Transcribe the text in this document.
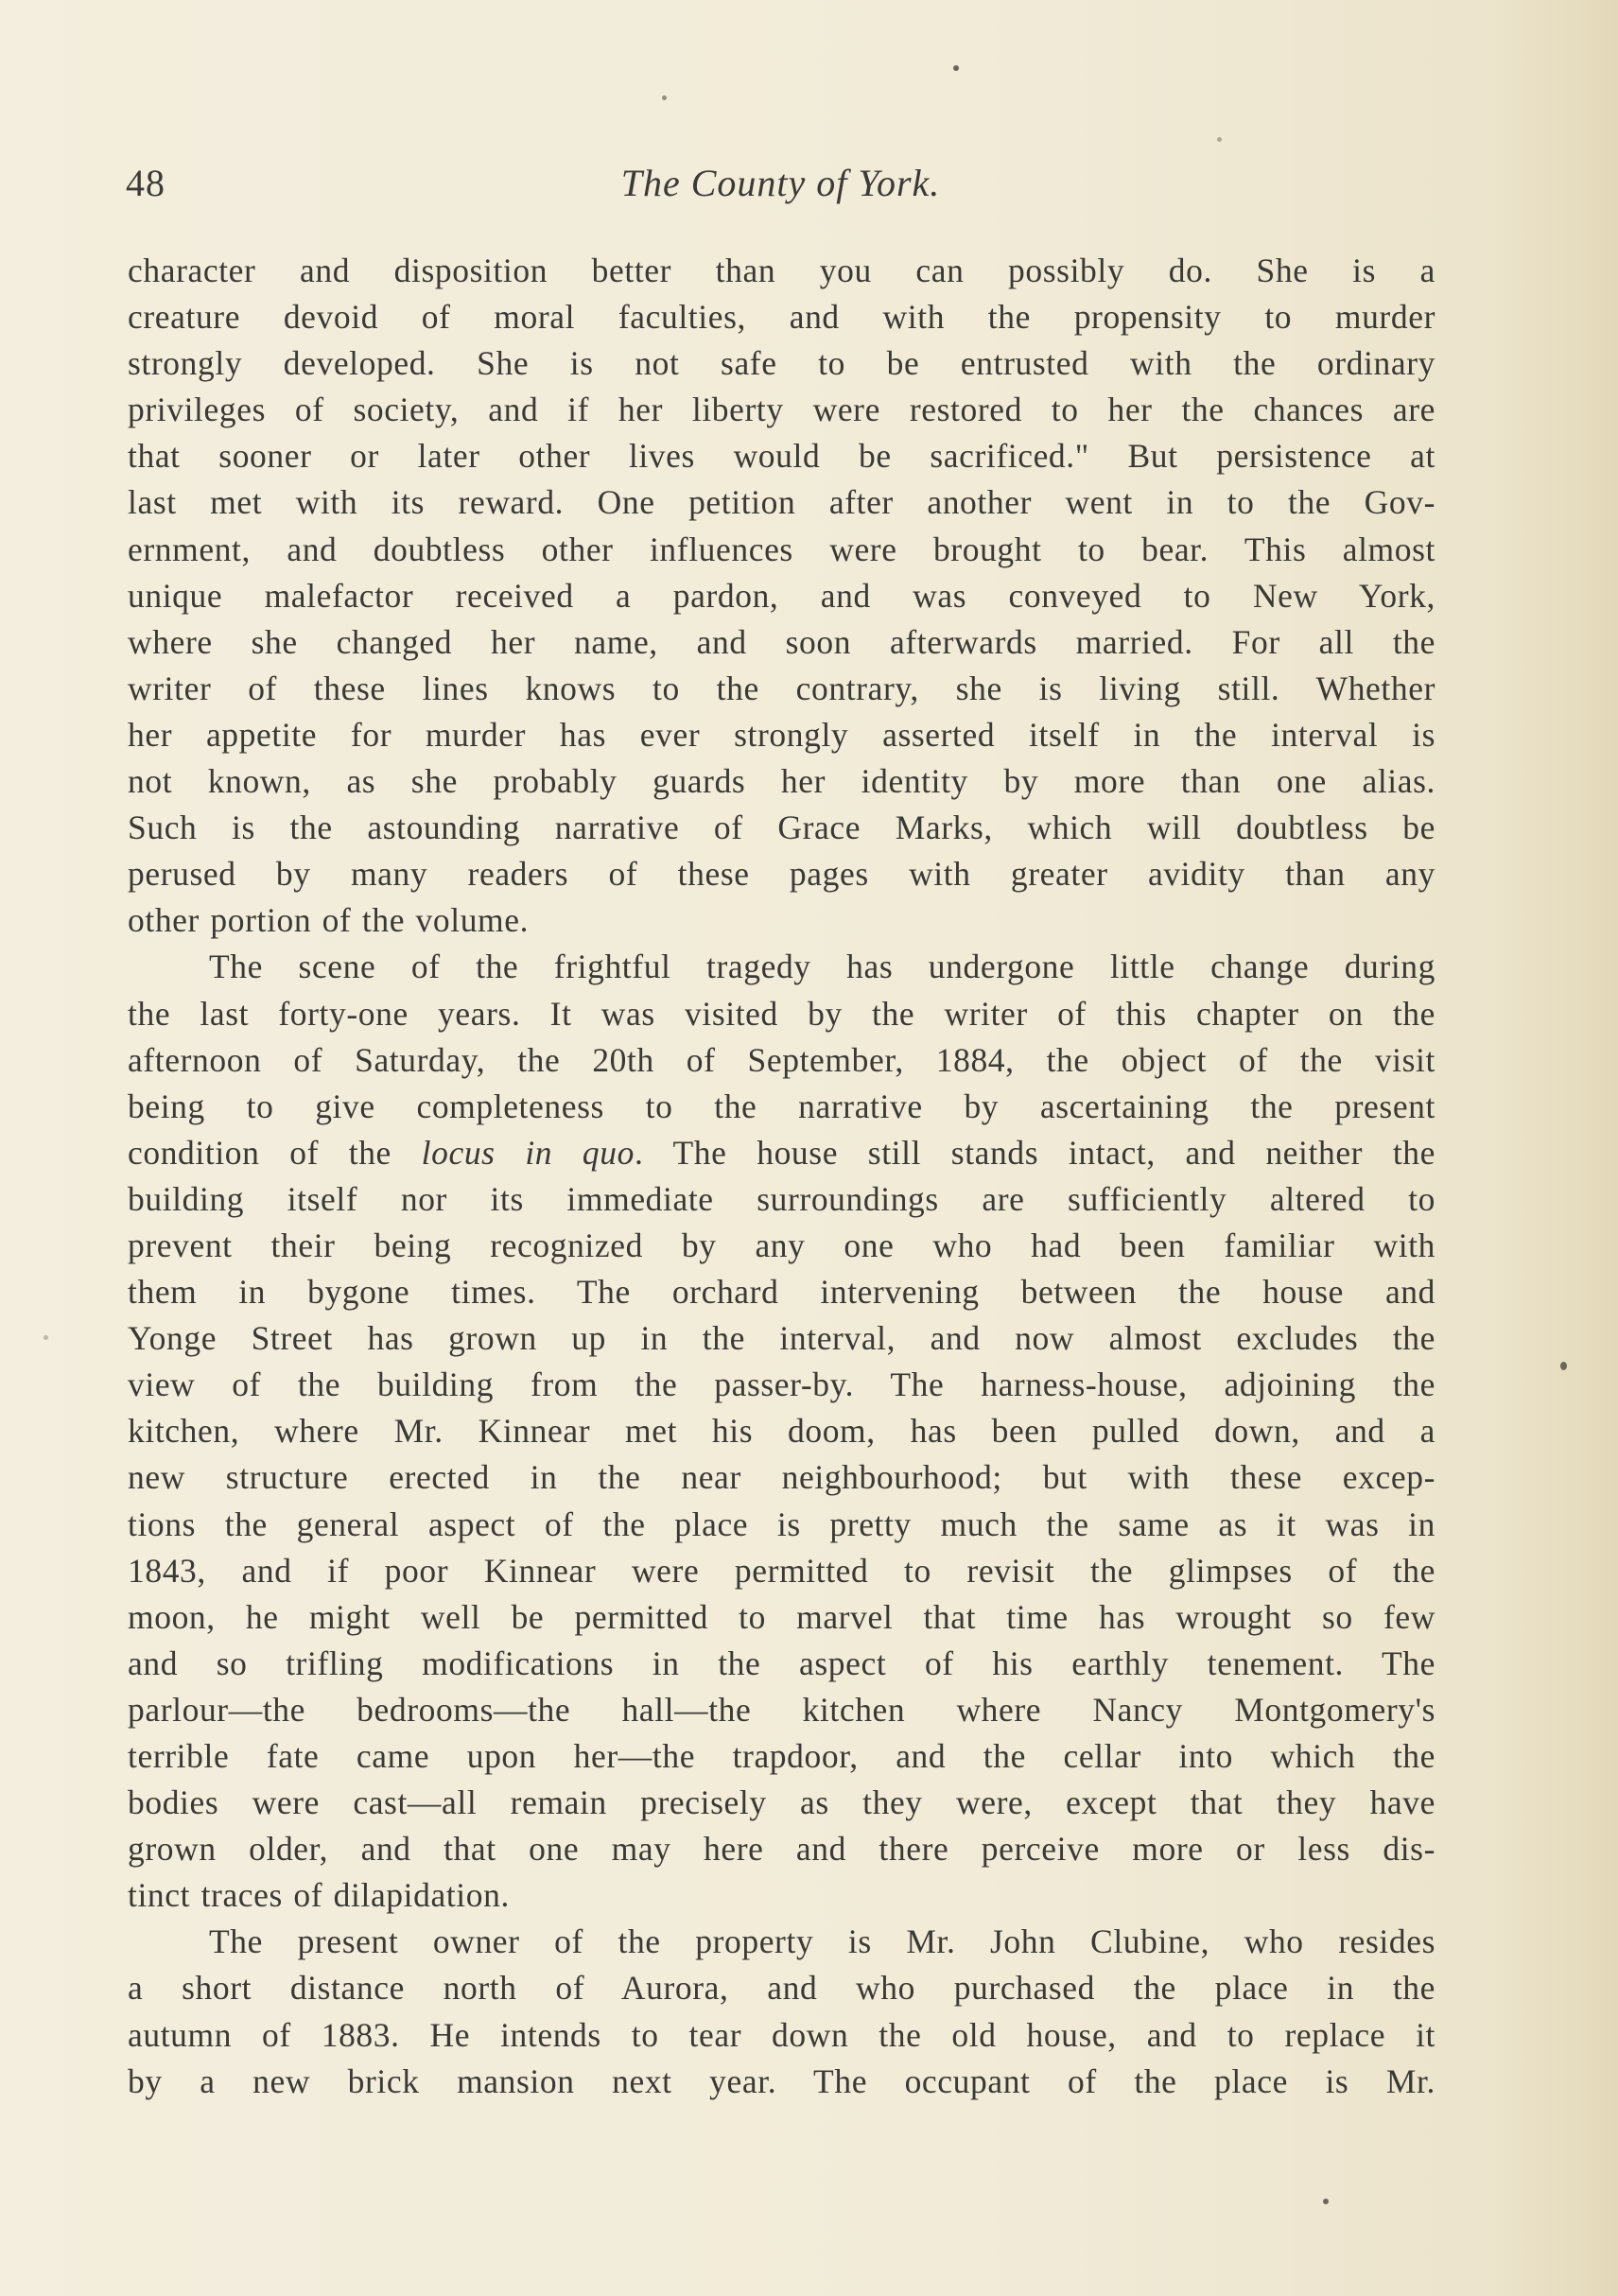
48	The County of York.
character and disposition better than you can possibly do. She is a
creature devoid of moral faculties, and with the propensity to murder
strongly developed. She is not safe to be entrusted with the ordinary
privileges of society, and if her liberty were restored to her the chances are
that sooner or later other lives would be sacrificed." But persistence at
last met with its reward. One petition after another went in to the Gov-
ernment, and doubtless other influences were brought to bear. This almost
unique malefactor received a pardon, and was conveyed to New York,
where she changed her name, and soon afterwards married. For all the
writer of these lines knows to the contrary, she is living still. Whether
her appetite for murder has ever strongly asserted itself in the interval is
not known, as she probably guards her identity by more than one alias.
Such is the astounding narrative of Grace Marks, which will doubtless be
perused by many readers of these pages with greater avidity than any
other portion of the volume.
The scene of the frightful tragedy has undergone little change during
the last forty-one years. It was visited by the writer of this chapter on the
afternoon of Saturday, the 20th of September, 1884, the object of the visit
being to give completeness to the narrative by ascertaining the present
condition of the locus in quo. The house still stands intact, and neither the
building itself nor its immediate surroundings are sufficiently altered to
prevent their being recognized by any one who had been familiar with
them in bygone times. The orchard intervening between the house and
Yonge Street has grown up in the interval, and now almost excludes the
view of the building from the passer-by. The harness-house, adjoining the
kitchen, where Mr. Kinnear met his doom, has been pulled down, and a
new structure erected in the near neighbourhood; but with these excep-
tions the general aspect of the place is pretty much the same as it was in
1843, and if poor Kinnear were permitted to revisit the glimpses of the
moon, he might well be permitted to marvel that time has wrought so few
and so trifling modifications in the aspect of his earthly tenement. The
parlour—the bedrooms—the hall—the kitchen where Nancy Montgomery's
terrible fate came upon her—the trapdoor, and the cellar into which the
bodies were cast—all remain precisely as they were, except that they have
grown older, and that one may here and there perceive more or less dis-
tinct traces of dilapidation.
The present owner of the property is Mr. John Clubine, who resides
a short distance north of Aurora, and who purchased the place in the
autumn of 1883. He intends to tear down the old house, and to replace it
by a new brick mansion next year. The occupant of the place is Mr.
